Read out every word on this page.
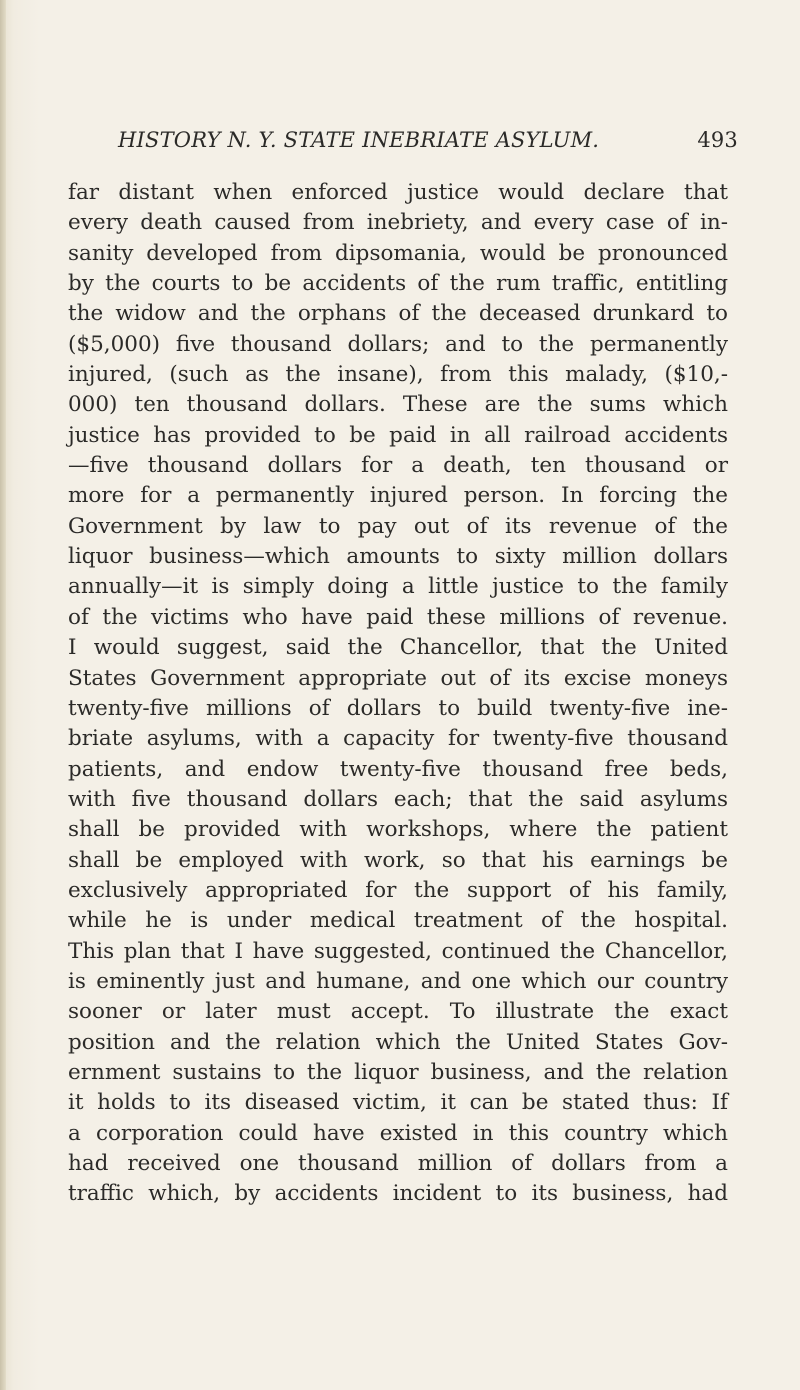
HISTORY N. Y. STATE INEBRIATE ASYLUM.	493
far distant when enforced justice would declare that
every death caused from inebriety, and every case of in-
sanity developed from dipsomania, would be pronounced
by the courts to be accidents of the rum traffic, entitling
the widow and the orphans of the deceased drunkard to
($5,000) five thousand dollars; and to the permanently
injured, (such as the insane), from this malady, ($10,-
000) ten thousand dollars. These are the sums which
justice has provided to be paid in all railroad accidents
—five thousand dollars for a death, ten thousand or
more for a permanently injured person. In forcing the
Government by law to pay out of its revenue of the
liquor business—which amounts to sixty million dollars
annually—it is simply doing a little justice to the family
of the victims who have paid these millions of revenue.
I would suggest, said the Chancellor, that the United
States Government appropriate out of its excise moneys
twenty-five millions of dollars to build twenty-five ine-
briate asylums, with a capacity for twenty-five thousand
patients, and endow twenty-five thousand free beds,
with five thousand dollars each; that the said asylums
shall be provided with workshops, where the patient
shall be employed with work, so that his earnings be
exclusively appropriated for the support of his family,
while he is under medical treatment of the hospital.
This plan that I have suggested, continued the Chancellor,
is eminently just and humane, and one which our country
sooner or later must accept. To illustrate the exact
position and the relation which the United States Gov-
ernment sustains to the liquor business, and the relation
it holds to its diseased victim, it can be stated thus: If
a corporation could have existed in this country which
had received one thousand million of dollars from a
traffic which, by accidents incident to its business, had
